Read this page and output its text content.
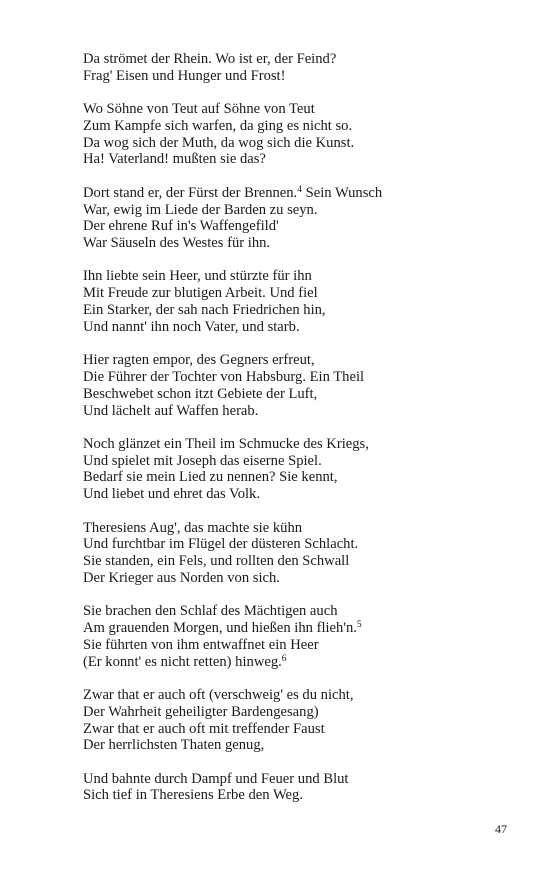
Da strömet der Rhein. Wo ist er, der Feind?
Frag' Eisen und Hunger und Frost!
Wo Söhne von Teut auf Söhne von Teut
Zum Kampfe sich warfen, da ging es nicht so.
Da wog sich der Muth, da wog sich die Kunst.
Ha! Vaterland! mußten sie das?
Dort stand er, der Fürst der Brennen.$^4$ Sein Wunsch
War, ewig im Liede der Barden zu seyn.
Der ehrene Ruf in's Waffengefild'
War Säuseln des Westes für ihn.
Ihn liebte sein Heer, und stürzte für ihn
Mit Freude zur blutigen Arbeit. Und fiel
Ein Starker, der sah nach Friedrichen hin,
Und nannt' ihn noch Vater, und starb.
Hier ragten empor, des Gegners erfreut,
Die Führer der Tochter von Habsburg. Ein Theil
Beschwebet schon itzt Gebiete der Luft,
Und lächelt auf Waffen herab.
Noch glänzet ein Theil im Schmucke des Kriegs,
Und spielet mit Joseph das eiserne Spiel.
Bedarf sie mein Lied zu nennen? Sie kennt,
Und liebet und ehret das Volk.
Theresiens Aug', das machte sie kühn
Und furchtbar im Flügel der düsteren Schlacht.
Sie standen, ein Fels, und rollten den Schwall
Der Krieger aus Norden von sich.
Sie brachen den Schlaf des Mächtigen auch
Am grauenden Morgen, und hießen ihn flieh'n.$^5$
Sie führten von ihm entwaffnet ein Heer
(Er konnt' es nicht retten) hinweg.$^6$
Zwar that er auch oft (verschweig' es du nicht,
Der Wahrheit geheiligter Bardengesang)
Zwar that er auch oft mit treffender Faust
Der herrlichsten Thaten genug,
Und bahnte durch Dampf und Feuer und Blut
Sich tief in Theresiens Erbe den Weg.
47
